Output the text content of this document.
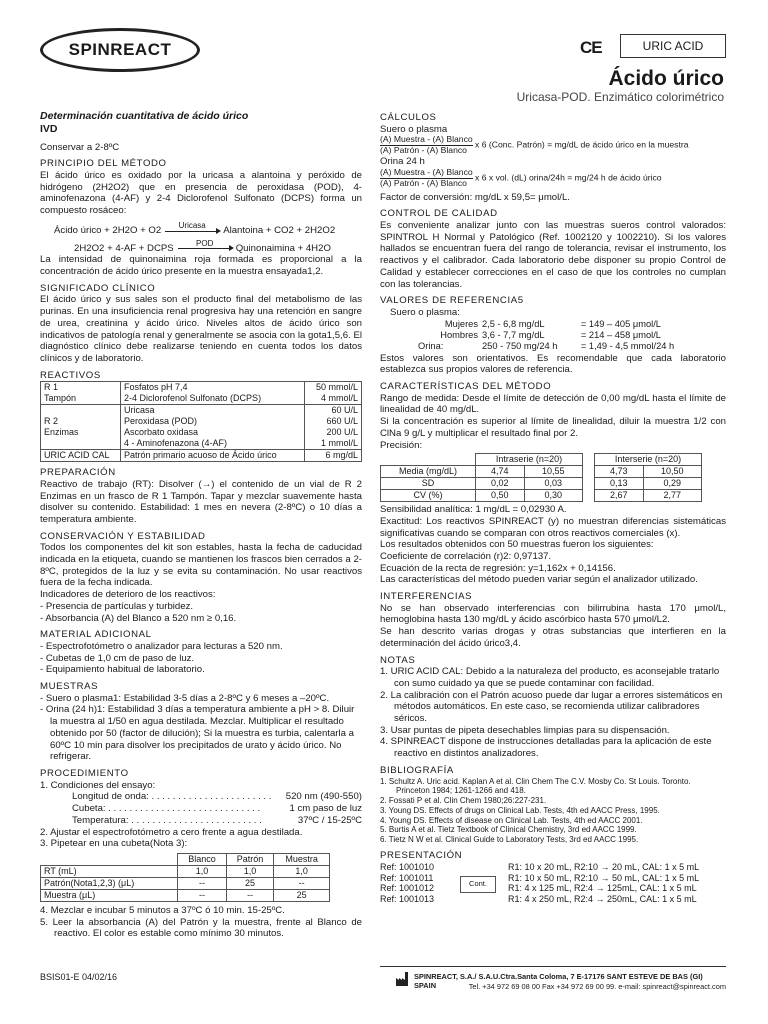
SPINREACT	CE	URIC ACID
Ácido úrico
Uricasa-POD. Enzimático colorimétrico
Determinación cuantitativa de ácido úrico
IVD
Conservar a 2-8ºC
PRINCIPIO DEL MÉTODO

El ácido úrico es oxidado por la uricasa a alantoina y peróxido de hidrógeno (2H2O2) que en presencia de peroxidasa (POD), 4-aminofenazona (4-AF) y 2-4 Diclorofenol Sulfonato (DCPS) forma un compuesto rosáceo:

Ácido úrico + 2H2O + O2	Uricasa	Alantoina + CO2 + 2H2O2
2H2O2 + 4-AF + DCPS	POD	Quinonaimina + 4H2O

La intensidad de quinonaimina roja formada es proporcional a la concentración de ácido úrico presente en la muestra ensayada1,2.

SIGNIFICADO CLÍNICO

El ácido úrico y sus sales son el producto final del metabolismo de las purinas. En una insuficiencia renal progresiva hay una retención en sangre de urea, creatinina y ácido úrico. Niveles altos de ácido úrico son indicativos de patología renal y generalmente se asocia con la gota1,5,6. El diagnóstico clínico debe realizarse teniendo en cuenta todos los datos clínicos y de laboratorio.

REACTIVOS
R 1
Tampón	Fosfatos pH 7,4	50 mmol/L
	2-4 Diclorofenol Sulfonato (DCPS)	4 mmol/L
R 2
Enzimas	Uricasa	60 U/L
	Peroxidasa (POD)	660 U/L
	Ascorbato oxidasa	200 U/L
	4 - Aminofenazona (4-AF)	1 mmol/L
URIC ACID CAL	Patrón primario acuoso de Ácido úrico	6 mg/dL
PREPARACIÓN

Reactivo de trabajo (RT): Disolver (→) el contenido de un vial de R 2 Enzimas en un frasco de R 1 Tampón. Tapar y mezclar suavemente hasta disolver su contenido. Estabilidad: 1 mes en nevera (2-8ºC) o 10 días a temperatura ambiente.

CONSERVACIÓN Y ESTABILIDAD

Todos los componentes del kit son estables, hasta la fecha de caducidad indicada en la etiqueta, cuando se mantienen los frascos bien cerrados a 2-8ºC, protegidos de la luz y se evita su contaminación. No usar reactivos fuera de la fecha indicada.

Indicadores de deterioro de los reactivos:
- Presencia de partículas y turbidez.
- Absorbancia (A) del Blanco a 520 nm ≥ 0,16.
MATERIAL ADICIONAL
- Espectrofotómetro o analizador para lecturas a 520 nm.
- Cubetas de 1,0 cm de paso de luz.
- Equipamiento habitual de laboratorio.
MUESTRAS
- Suero o plasma1: Estabilidad 3-5 días a 2-8ºC y 6 meses a –20ºC.
- Orina (24 h)1: Estabilidad 3 días a temperatura ambiente a pH > 8. Diluir la muestra al 1/50 en agua destilada. Mezclar. Multiplicar el resultado obtenido por 50 (factor de dilución); Si la muestra es turbia, calentarla a 60ºC 10 min para disolver los precipitados de urato y ácido úrico. No refrigerar.
PROCEDIMIENTO
1. Condiciones del ensayo:
Longitud de onda: . . . . . . . . . . . . . . . . . . . . . . . 520 nm (490-550)
Cubeta: . . . . . . . . . . . . . . . . . . . . . . . . . . . . .	1 cm paso de luz
Temperatura: . . . . . . . . . . . . . . . . . . . . . . . . .	37ºC / 15-25ºC
2. Ajustar el espectrofotómetro a cero frente a agua destilada.
3. Pipetear en una cubeta(Nota 3):
	Blanco	Patrón	Muestra
RT (mL)	1,0	1,0	1,0
Patrón(Nota1,2,3) (μL)	--	25	--
Muestra (μL)	--	--	25
4. Mezclar e incubar 5 minutos a 37ºC ó 10 min. 15-25ºC.

5. Leer la absorbancia (A) del Patrón y la muestra, frente al Blanco de reactivo. El color es estable como mínimo 30 minutos.

CÁLCULOS
Suero o plasma
$\frac{\text{(A) Muestra - (A) Blanco}}{\text{(A) Patrón - (A) Blanco}}$ x 6 (Conc. Patrón) = mg/dL de ácido úrico en la muestra
Orina 24 h
$\frac{\text{(A) Muestra - (A) Blanco}}{\text{(A) Patrón - (A) Blanco}}$ x 6 x vol. (dL) orina/24h = mg/24 h de ácido úrico
Factor de conversión: mg/dL x 59,5= μmol/L.
CONTROL DE CALIDAD

Es conveniente analizar junto con las muestras sueros control valorados: SPINTROL H Normal y Patológico (Ref. 1002120 y 1002210). Si los valores hallados se encuentran fuera del rango de tolerancia, revisar el instrumento, los reactivos y el calibrador. Cada laboratorio debe disponer su propio Control de Calidad y establecer correcciones en el caso de que los controles no cumplan con las tolerancias.

VALORES DE REFERENCIA5
Suero o plasma:
Mujeres	2,5 - 6,8 mg/dL	= 149 – 405 μmol/L
Hombres	3,6 - 7,7 mg/dL	= 214 – 458 μmol/L
Orina:	250 - 750 mg/24 h	= 1,49 - 4,5 mmol/24 h

Estos valores son orientativos. Es recomendable que cada laboratorio establezca sus propios valores de referencia.

CARACTERÍSTICAS DEL MÉTODO

Rango de medida: Desde el límite de detección de 0,00 mg/dL hasta el límite de linealidad de 40 mg/dL.

Si la concentración es superior al límite de linealidad, diluir la muestra 1/2 con ClNa 9 g/L y multiplicar el resultado final por 2.

Precisión:
	Intraserie (n=20)			Interserie (n=20)	
Media (mg/dL)	4,74	10,55		4,73	10,50
SD	0,02	0,03		0,13	0,29
CV (%)	0,50	0,30		2,67	2,77
Sensibilidad analítica: 1 mg/dL = 0,02930 A.

Exactitud: Los reactivos SPINREACT (y) no muestran diferencias sistemáticas significativas cuando se comparan con otros reactivos comerciales (x).

Los resultados obtenidos con 50 muestras fueron los siguientes:
Coeficiente de correlación (r)2: 0,97137.
Ecuación de la recta de regresión: y=1,162x + 0,14156.
Las características del método pueden variar según el analizador utilizado.
INTERFERENCIAS

No se han observado interferencias con bilirrubina hasta 170 μmol/L, hemoglobina hasta 130 mg/dL y ácido ascórbico hasta 570 μmol/L2.

Se han descrito varias drogas y otras substancias que interfieren en la determinación del ácido úrico3,4.

NOTAS
1. URIC ACID CAL: Debido a la naturaleza del producto, es aconsejable tratarlo con sumo cuidado ya que se puede contaminar con facilidad.
2. La calibración con el Patrón acuoso puede dar lugar a errores sistemáticos en métodos automáticos. En este caso, se recomienda utilizar calibradores séricos.
3. Usar puntas de pipeta desechables limpias para su dispensación.
4. SPINREACT dispone de instrucciones detalladas para la aplicación de este reactivo en distintos analizadores.
BIBLIOGRAFÍA
1. Schultz A. Uric acid. Kaplan A et al. Clin Chem The C.V. Mosby Co. St Louis. Toronto. Princeton 1984; 1261-1266 and 418.
2. Fossati P et al. Clin Chem 1980;26:227-231.
3. Young DS. Effects of drugs on Clinical Lab. Tests, 4th ed AACC Press, 1995.
4. Young DS. Effects of disease on Clinical Lab. Tests, 4th ed AACC 2001.
5. Burtis A et al. Tietz Textbook of Clinical Chemistry, 3rd ed AACC 1999.
6. Tietz N W et al. Clinical Guide to Laboratory Tests, 3rd ed AACC 1995.
PRESENTACIÓN
Ref: 1001010	R1: 10 x 20 mL, R2:10 → 20 mL, CAL: 1 x 5 mL
Ref: 1001011	R1: 10 x 50 mL, R2:10 → 50 mL, CAL: 1 x 5 mL
Ref: 1001012	R1: 4 x 125 mL, R2:4 → 125mL, CAL: 1 x 5 mL
Ref: 1001013	R1: 4 x 250 mL, R2:4 → 250mL, CAL: 1 x 5 mL
Cont.
BSIS01-E 04/02/16	SPINREACT, S.A./ S.A.U.Ctra.Santa Coloma, 7 E-17176 SANT ESTEVE DE BAS (GI) SPAIN	Tel. +34 972 69 08 00 Fax +34 972 69 00 99. e-mail: spinreact@spinreact.com
